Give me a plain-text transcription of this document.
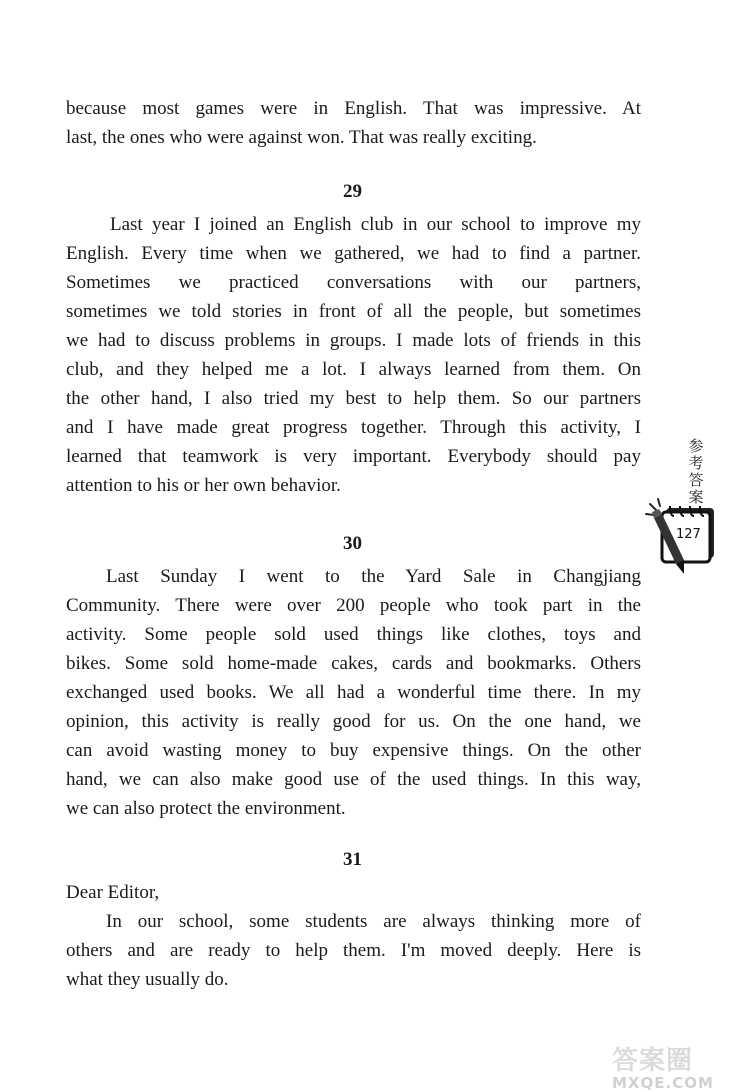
because most games were in English. That was impressive. At
last, the ones who were against won. That was really exciting.

29

Last year I joined an English club in our school to improve my
English. Every time when we gathered, we had to find a partner.
Sometimes we practiced conversations with our partners,
sometimes we told stories in front of all the people, but sometimes
we had to discuss problems in groups. I made lots of friends in this
club, and they helped me a lot. I always learned from them. On
the other hand, I also tried my best to help them. So our partners
and I have made great progress together. Through this activity, I
learned that teamwork is very important. Everybody should pay
attention to his or her own behavior.

30

Last Sunday I went to the Yard Sale in Changjiang
Community. There were over 200 people who took part in the
activity. Some people sold used things like clothes, toys and
bikes. Some sold home-made cakes, cards and bookmarks. Others
exchanged used books. We all had a wonderful time there. In my
opinion, this activity is really good for us. On the one hand, we
can avoid wasting money to buy expensive things. On the other
hand, we can also make good use of the used things. In this way,
we can also protect the environment.

31

Dear Editor,
In our school, some students are always thinking more of
others and are ready to help them. I'm moved deeply. Here is
what they usually do.
参
考
答
案
127
答案圈
MXQE.COM
